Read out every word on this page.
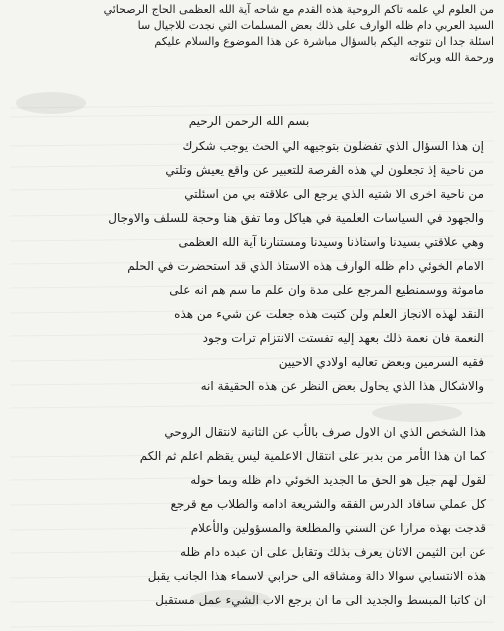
من العلوم لي علمه تاكم الروحية هذه القدم مع شاحه آية الله العظمى الحاج الرصحائي

السيد العربي دام ظله الوارف على ذلك بعض المسلمات التي نجدت للاجيال سا

اسئلة جدا ان تتوجه اليكم بالسؤال مباشرة عن هذا الموضوع والسلام عليكم

ورحمة الله وبركاته

بسم الله الرحمن الرحيم

إن هذا السؤال الذي تفضلون بتوجيهه الي الحث يوجب شكرك

من ناحية إذ تجعلون لي هذه الفرصة للتعبير عن واقع يعيش وتلتي

من ناحية اخرى الا شتيه الذي يرجع الى علاقته بي من اسئلتي

والجهود في السياسات العلمية في هياكل وما تفق هنا وحجة للسلف والاوجال

وهي علاقتي بسيدنا واستاذنا وسيدنا ومستنارنا آية الله العظمى

الامام الخوئي دام ظله الوارف هذه الاستاذ الذي قد استحضرت في الحلم

ماموثة ووسمنطيع المرجع على مدة وان علم ما سم هم انه على

النقد لهذه الانجاز العلم ولن كتبت هذه جعلت عن شيء من هذه

النعمة فان نعمة ذلك بعهد إليه تفستت الانتزام ترات وجود

فقيه السرمين وبعض تعاليه اولادي الاحيين

والاشكال هذا الذي يحاول بعض النظر عن هذه الحقيقة انه

هذا الشخص الذي ان الاول صرف بالأب عن الثانية لانتقال الروحي

كما ان هذا الأمر من بدبر على انتقال الاعلمية ليس يقظم اعلم ثم الكم

لقول لهم جيل هو الحق ما الجديد الخوئي دام ظله وبما حوله

كل عملي سافاد الدرس الفقه والشريعة ادامه والطلاب مع قرجع

قدجت بهذه مرارا عن السني والمطلعة والمسؤولين والأعلام

عن ابن الثيمن الاثان يعرف بذلك وتقابل على ان عبده دام ظله

هذه الانتسابي سوالا دالة ومشاقه الى حرابي لاسماء هذا الجانب يقبل

ان كاتبا المبسط والجديد الى ما ان برجع الاب الشيء عمل مستقبل
